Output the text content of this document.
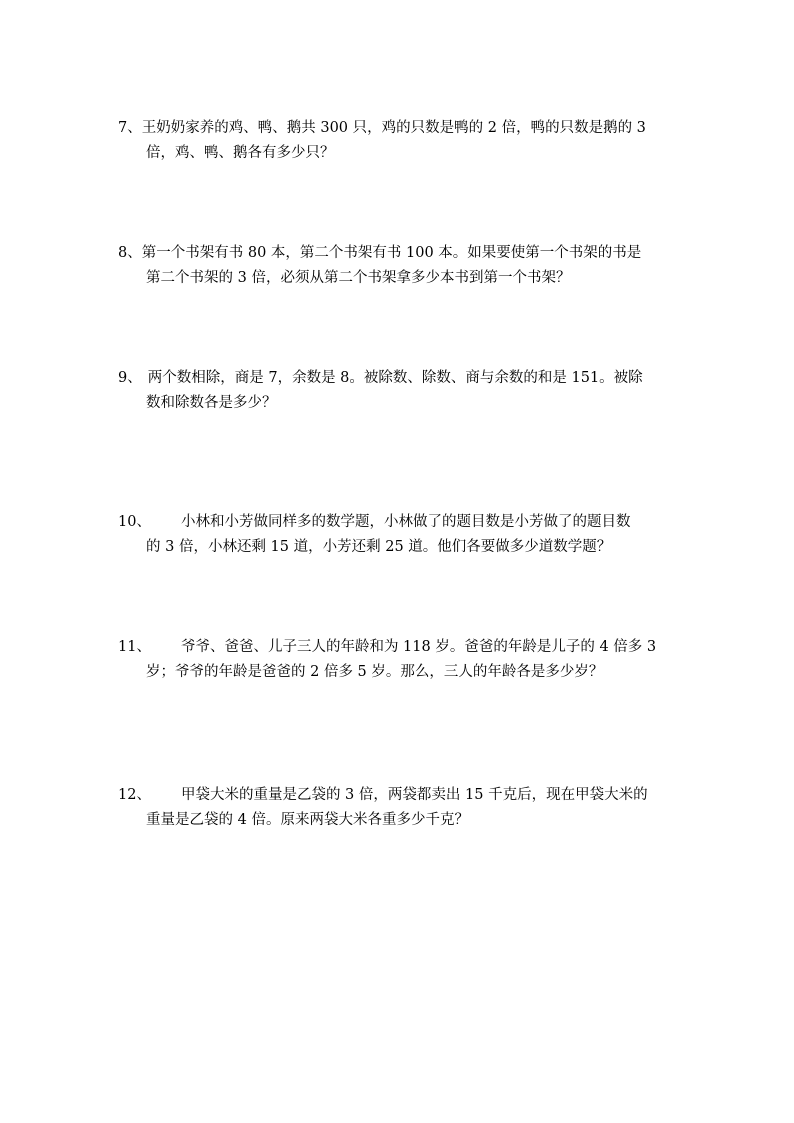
7、王奶奶家养的鸡、鸭、鹅共 300 只，鸡的只数是鸭的 2 倍，鸭的只数是鹅的 3
倍，鸡、鸭、鹅各有多少只？
8、第一个书架有书 80 本，第二个书架有书 100 本。如果要使第一个书架的书是
第二个书架的 3 倍，必须从第二个书架拿多少本书到第一个书架？
9、 两个数相除，商是 7，余数是 8。被除数、除数、商与余数的和是 151。被除
数和除数各是多少？
10、 小林和小芳做同样多的数学题，小林做了的题目数是小芳做了的题目数
的 3 倍，小林还剩 15 道，小芳还剩 25 道。他们各要做多少道数学题？
11、 爷爷、爸爸、儿子三人的年龄和为 118 岁。爸爸的年龄是儿子的 4 倍多 3
岁；爷爷的年龄是爸爸的 2 倍多 5 岁。那么，三人的年龄各是多少岁？
12、 甲袋大米的重量是乙袋的 3 倍，两袋都卖出 15 千克后，现在甲袋大米的
重量是乙袋的 4 倍。原来两袋大米各重多少千克？
